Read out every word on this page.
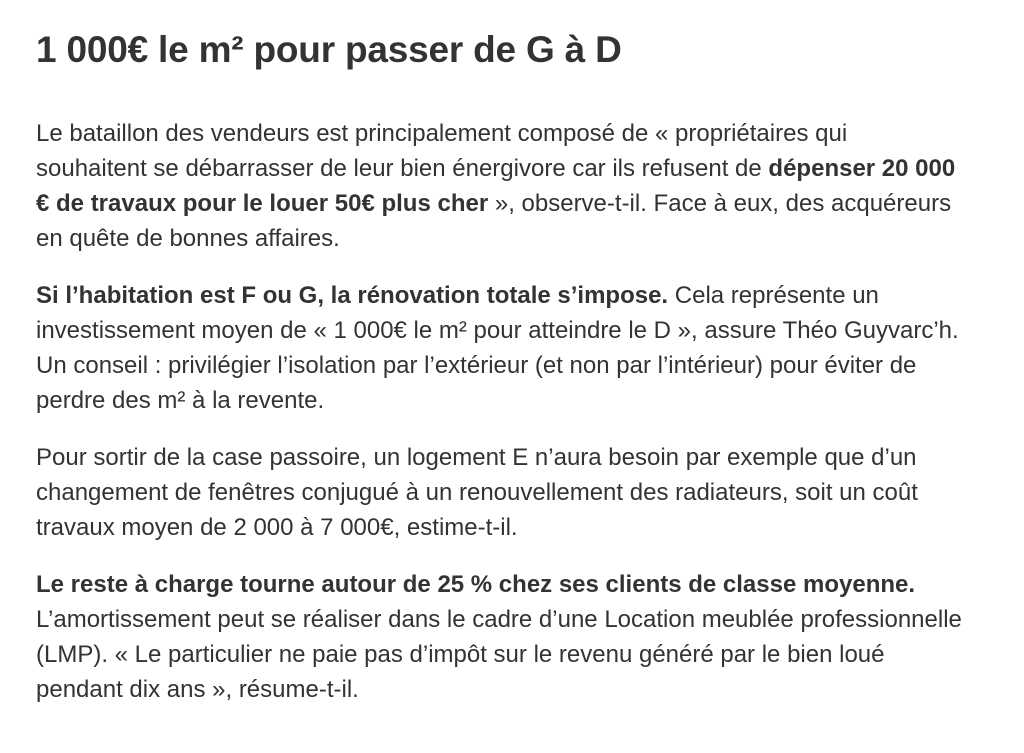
1 000€ le m² pour passer de G à D

Le bataillon des vendeurs est principalement composé de « propriétaires qui souhaitent se débarrasser de leur bien énergivore car ils refusent de dépenser 20 000 € de travaux pour le louer 50€ plus cher », observe-t-il. Face à eux, des acquéreurs en quête de bonnes affaires.

Si l’habitation est F ou G, la rénovation totale s’impose. Cela représente un investissement moyen de « 1 000€ le m² pour atteindre le D », assure Théo Guyvarc’h. Un conseil : privilégier l’isolation par l’extérieur (et non par l’intérieur) pour éviter de perdre des m² à la revente.

Pour sortir de la case passoire, un logement E n’aura besoin par exemple que d’un changement de fenêtres conjugué à un renouvellement des radiateurs, soit un coût travaux moyen de 2 000 à 7 000€, estime-t-il.

Le reste à charge tourne autour de 25 % chez ses clients de classe moyenne. L’amortissement peut se réaliser dans le cadre d’une Location meublée professionnelle (LMP). « Le particulier ne paie pas d’impôt sur le revenu généré par le bien loué pendant dix ans », résume-t-il.
